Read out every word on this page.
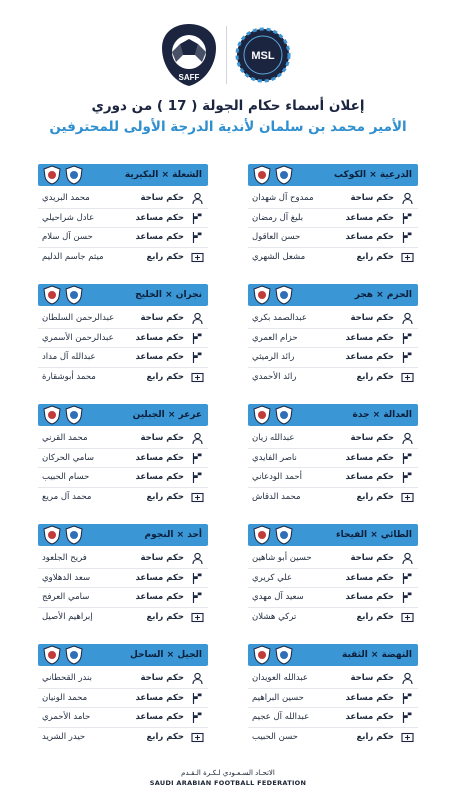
SAFF
MSL
إعلان أسماء حكام الجولة ( 17 ) من دوري
الأمير محمد بن سلمان لأندية الدرجة الأولى للمحترفين
الدرعية × الكوكب
حكم ساحة
ممدوح آل شهدان
حكم مساعد
بليغ آل رمضان
حكم مساعد
حسن العاقول
حكم رابع
مشعل الشهري
الشعلة × البكيرية
حكم ساحة
محمد البريدي
حكم مساعد
عادل شراحيلي
حكم مساعد
حسن آل سلام
حكم رابع
ميثم جاسم الدليم
الحزم × هجر
حكم ساحة
عبدالصمد بكري
حكم مساعد
حزام العمري
حكم مساعد
رائد الرميثي
حكم رابع
رائد الأحمدي
نجران × الخليج
حكم ساحة
عبدالرحمن السلطان
حكم مساعد
عبدالرحمن الأسمري
حكم مساعد
عبدالله آل مداد
حكم رابع
محمد أبوشقارة
العدالة × جدة
حكم ساحة
عبدالله زيان
حكم مساعد
ناصر الفايدي
حكم مساعد
أحمد الودعاني
حكم رابع
محمد الدقاش
عرعر × الجبلين
حكم ساحة
محمد القرني
حكم مساعد
سامي الحركان
حكم مساعد
حسام الحبيب
حكم رابع
محمد آل مريع
الطائي × الفيحاء
حكم ساحة
حسين أبو شاهين
حكم مساعد
علي كريري
حكم مساعد
سعيد آل مهدي
حكم رابع
تركي هشلان
أحد × النجوم
حكم ساحة
فريح الجلعود
حكم مساعد
سعد الدهلاوي
حكم مساعد
سامي العرفج
حكم رابع
إبراهيم الأصيل
النهضة × الثقبة
حكم ساحة
عبدالله العويدان
حكم مساعد
حسين البراهيم
حكم مساعد
عبدالله آل عجيم
حكم رابع
حسن الحبيب
الجيل × الساحل
حكم ساحة
بندر القحطاني
حكم مساعد
محمد الونيان
حكم مساعد
حامد الأحمري
حكم رابع
حيدر الشريد
الاتحـاد السـعـودي لـكـرة الـقـدم
SAUDI ARABIAN FOOTBALL FEDERATION
